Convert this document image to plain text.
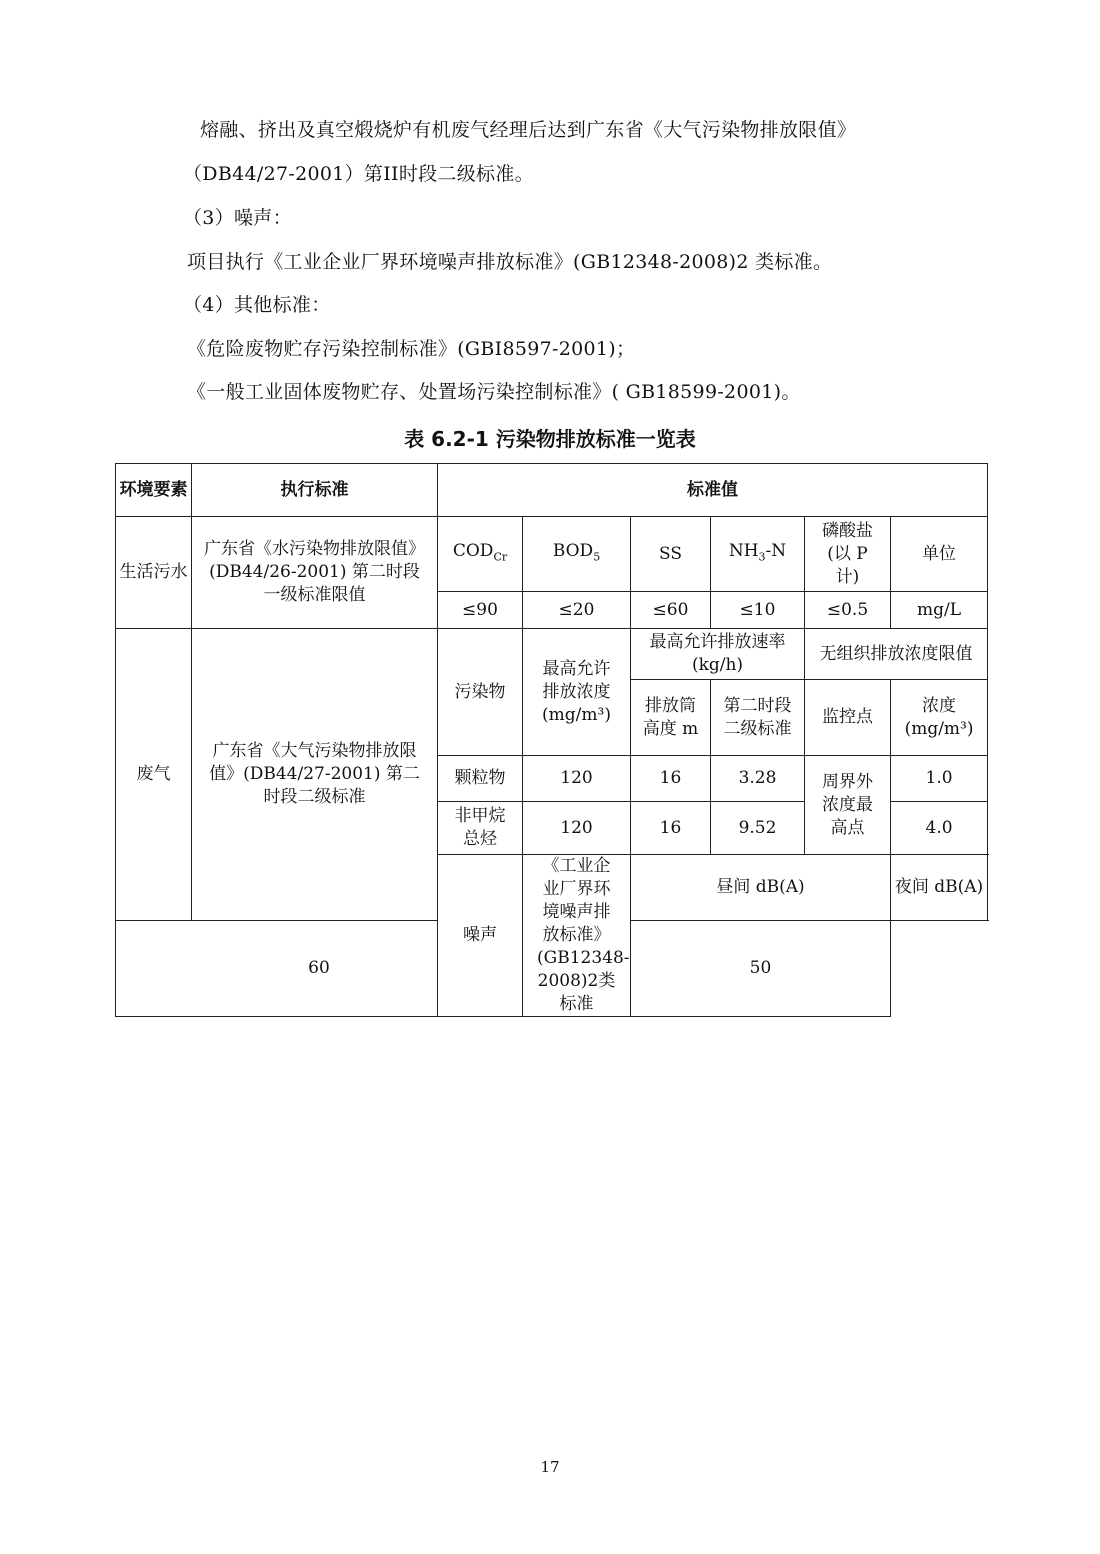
熔融、挤出及真空煅烧炉有机废气经理后达到广东省《大气污染物排放限值》
（DB44/27-2001）第II时段二级标准。
（3）噪声：
项目执行《工业企业厂界环境噪声排放标准》(GB12348-2008)2 类标准。
（4）其他标准：
《危险废物贮存污染控制标准》(GBI8597-2001)；
《一般工业固体废物贮存、处置场污染控制标准》( GB18599-2001)。
表 6.2-1 污染物排放标准一览表
环境要素	执行标准	标准值					
生活污水	广东省《水污染物排放限值》(DB44/26-2001) 第二时段一级标准限值	$COD_{Cr}$	$BOD_5$	SS	$NH_3-N$	磷酸盐(以 P 计)	单位
		≤90	≤20	≤60	≤10	≤0.5	mg/L
废气	广东省《大气污染物排放限值》(DB44/27-2001) 第二时段二级标准	污染物	最高允许排放浓度(mg/m³)	最高允许排放速率(kg/h)		无组织排放浓度限值	
				排放筒高度 m	第二时段二级标准	监控点	浓度(mg/m³)
		颗粒物	120	16	3.28	周界外浓度最高点	1.0
		非甲烷总烃	120	16	9.52		4.0
		噪声	《工业企业厂界环境噪声排放标准》(GB12348-2008)2类标准	昼间 dB(A)			夜间 dB(A)
60				50			
17
